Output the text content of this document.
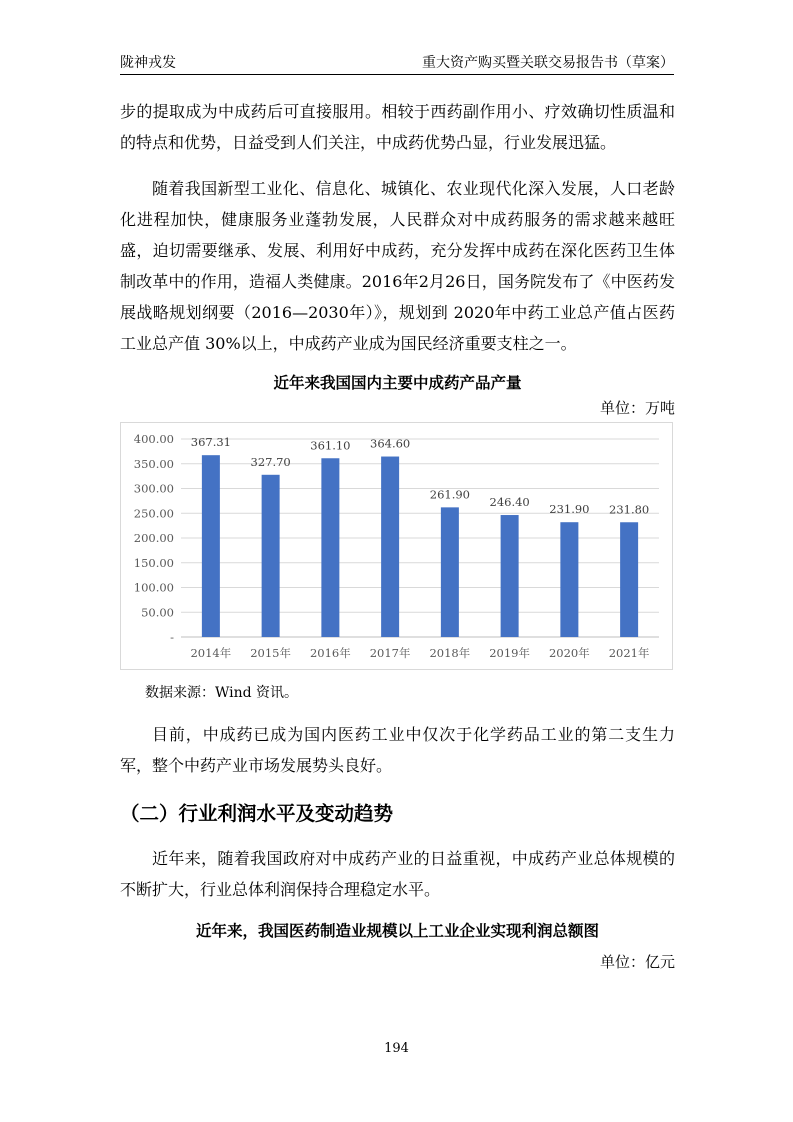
陇神戎发	重大资产购买暨关联交易报告书（草案）
步的提取成为中成药后可直接服用。相较于西药副作用小、疗效确切性质温和的特点和优势，日益受到人们关注，中成药优势凸显，行业发展迅猛。
随着我国新型工业化、信息化、城镇化、农业现代化深入发展，人口老龄化进程加快，健康服务业蓬勃发展，人民群众对中成药服务的需求越来越旺盛，迫切需要继承、发展、利用好中成药，充分发挥中成药在深化医药卫生体制改革中的作用，造福人类健康。2016年2月26日，国务院发布了《中医药发展战略规划纲要（2016—2030年）》，规划到 2020年中药工业总产值占医药工业总产值 30%以上，中成药产业成为国民经济重要支柱之一。
近年来我国国内主要中成药产品产量
单位：万吨
-
50.00
100.00
150.00
200.00
250.00
300.00
350.00
400.00 367.31
2014年
327.70
2015年
361.10
2016年
364.60
2017年
261.90
2018年
246.40
2019年
231.90
2020年
231.80
2021年
数据来源：Wind 资讯。
目前，中成药已成为国内医药工业中仅次于化学药品工业的第二支生力军，整个中药产业市场发展势头良好。
（二）行业利润水平及变动趋势
近年来，随着我国政府对中成药产业的日益重视，中成药产业总体规模的不断扩大，行业总体利润保持合理稳定水平。
近年来，我国医药制造业规模以上工业企业实现利润总额图
单位：亿元
194
